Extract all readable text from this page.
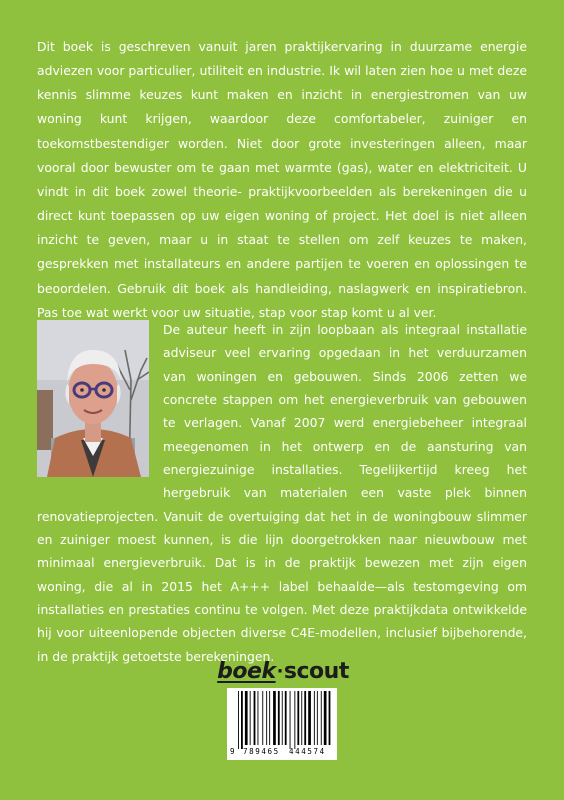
Dit boek is geschreven vanuit jaren praktijkervaring in duurzame energie adviezen voor particulier, utiliteit en industrie. Ik wil laten zien hoe u met deze kennis slimme keuzes kunt maken en inzicht in energiestromen van uw woning kunt krijgen, waardoor deze comfortabeler, zuiniger en toekomstbestendiger worden. Niet door grote investeringen alleen, maar vooral door bewuster om te gaan met warmte (gas), water en elektriciteit. U vindt in dit boek zowel theorie- praktijkvoorbeelden als berekeningen die u direct kunt toepassen op uw eigen woning of project. Het doel is niet alleen inzicht te geven, maar u in staat te stellen om zelf keuzes te maken, gesprekken met installateurs en andere partijen te voeren en oplossingen te beoordelen. Gebruik dit boek als handleiding, naslagwerk en inspiratiebron. Pas toe wat werkt voor uw situatie, stap voor stap komt u al ver.

De auteur heeft in zijn loopbaan als integraal installatie adviseur veel ervaring opgedaan in het verduurzamen van woningen en gebouwen. Sinds 2006 zetten we concrete stappen om het energieverbruik van gebouwen te verlagen. Vanaf 2007 werd energiebeheer integraal meegenomen in het ontwerp en de aansturing van energiezuinige installaties. Tegelijkertijd kreeg het hergebruik van materialen een vaste plek binnen renovatieprojecten. Vanuit de overtuiging dat het in de woningbouw slimmer en zuiniger moest kunnen, is die lijn doorgetrokken naar nieuwbouw met minimaal energieverbruik. Dat is in de praktijk bewezen met zijn eigen woning, die al in 2015 het A+++ label behaalde—als testomgeving om installaties en prestaties continu te volgen. Met deze praktijkdata ontwikkelde hij voor uiteenlopende objecten diverse C4E-modellen, inclusief bijbehorende, in de praktijk getoetste berekeningen.

boek · scout
9 789465 444574
